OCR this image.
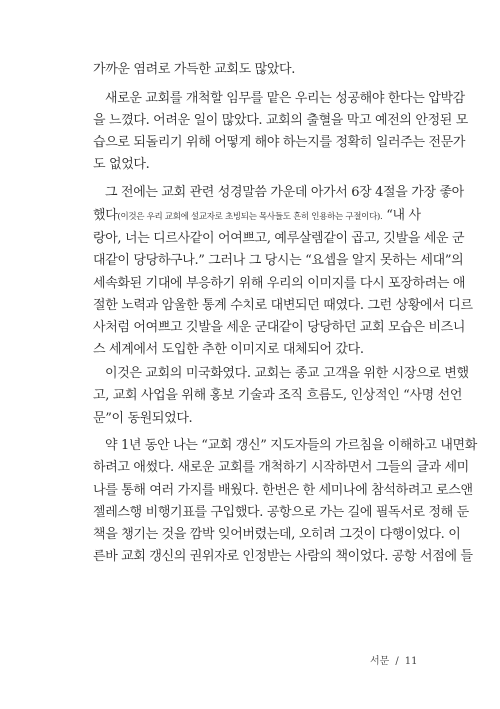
가까운 염려로 가득한 교회도 많았다.
새로운 교회를 개척할 임무를 맡은 우리는 성공해야 한다는 압박감
을 느꼈다. 어려운 일이 많았다. 교회의 출혈을 막고 예전의 안정된 모
습으로 되돌리기 위해 어떻게 해야 하는지를 정확히 일러주는 전문가
도 없었다.
그 전에는 교회 관련 성경말씀 가운데 아가서 6장 4절을 가장 좋아
했다(이것은 우리 교회에 설교자로 초빙되는 목사들도 흔히 인용하는 구절이다). “내 사
랑아, 너는 디르사같이 어여쁘고, 예루살렘같이 곱고, 깃발을 세운 군
대같이 당당하구나.” 그러나 그 당시는 “요셉을 알지 못하는 세대”의
세속화된 기대에 부응하기 위해 우리의 이미지를 다시 포장하려는 애
절한 노력과 암울한 통계 수치로 대변되던 때였다. 그런 상황에서 디르
사처럼 어여쁘고 깃발을 세운 군대같이 당당하던 교회 모습은 비즈니
스 세계에서 도입한 추한 이미지로 대체되어 갔다.
이것은 교회의 미국화였다. 교회는 종교 고객을 위한 시장으로 변했
고, 교회 사업을 위해 홍보 기술과 조직 흐름도, 인상적인 “사명 선언
문”이 동원되었다.
약 1년 동안 나는 “교회 갱신” 지도자들의 가르침을 이해하고 내면화
하려고 애썼다. 새로운 교회를 개척하기 시작하면서 그들의 글과 세미
나를 통해 여러 가지를 배웠다. 한번은 한 세미나에 참석하려고 로스앤
젤레스행 비행기표를 구입했다. 공항으로 가는 길에 필독서로 정해 둔
책을 챙기는 것을 깜박 잊어버렸는데, 오히려 그것이 다행이었다. 이
른바 교회 갱신의 권위자로 인정받는 사람의 책이었다. 공항 서점에 들
서문 / 11
